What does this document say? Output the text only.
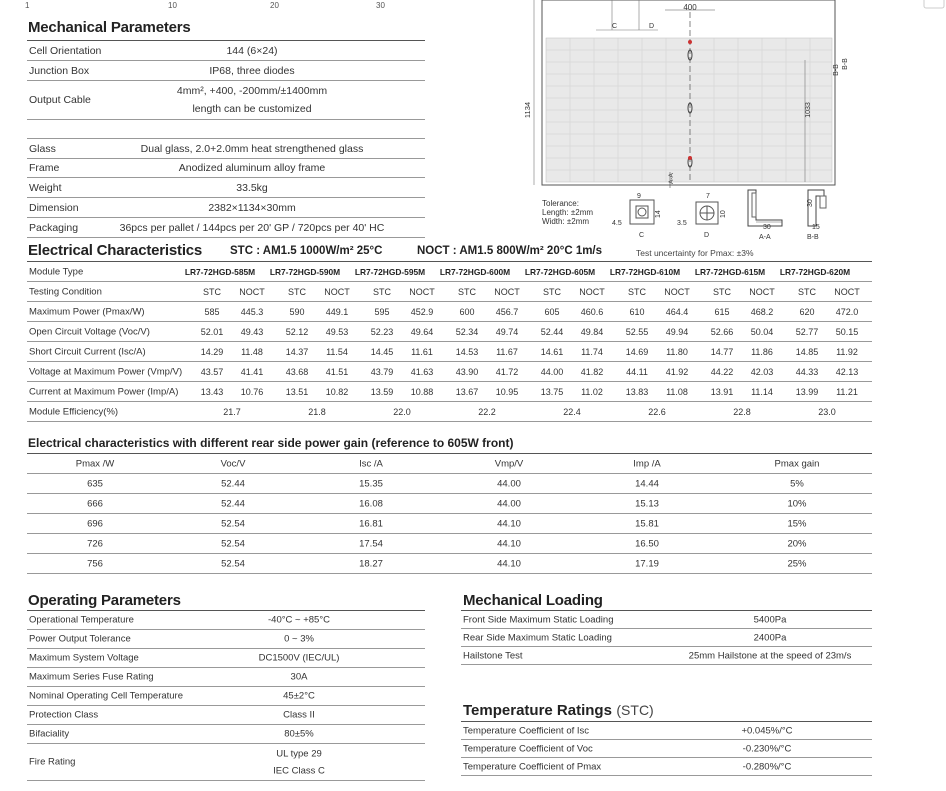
1	10	20	30
Mechanical Parameters
Cell Orientation	144 (6×24)
Junction Box	IP68, three diodes
Output Cable
4mm², +400, -200mm/±1400mm
length can be customized
Glass	Dual glass, 2.0+2.0mm heat strengthened glass
Frame	Anodized aluminum alloy frame
Weight	33.5kg
Dimension	2382×1134×30mm
Packaging	36pcs per pallet / 144pcs per 20' GP / 720pcs per 40' HC
400
C	D
1134	1033
B-B
B-B
A-A
Tolerance:
Length: ±2mm
Width: ±2mm
9
4.5
14
C
7
3.5
10
D
30
A-A
30
15
B-B
Electrical Characteristics STC : AM1.5 1000W/m² 25°C	NOCT : AM1.5 800W/m² 20°C 1m/s	Test uncertainty for Pmax: ±3%
Module Type	LR7-72HGD-585M LR7-72HGD-590M LR7-72HGD-595M LR7-72HGD-600M LR7-72HGD-605M LR7-72HGD-610M LR7-72HGD-615M LR7-72HGD-620M
Testing Condition	STC NOCT	STC NOCT	STC NOCT	STC NOCT	STC NOCT	STC NOCT	STC NOCT	STC NOCT
Maximum Power (Pmax/W)	585 445.3	590 449.1	595 452.9	600 456.7	605 460.6	610 464.4	615 468.2	620 472.0
Open Circuit Voltage (Voc/V)	52.01 49.43 52.12 49.53 52.23 49.64 52.34 49.74 52.44 49.84 52.55 49.94 52.66 50.04 52.77 50.15
Short Circuit Current (Isc/A)	14.29 11.48	14.37 11.54	14.45 11.61	14.53 11.67	14.61 11.74	14.69 11.80	14.77 11.86	14.85 11.92
Voltage at Maximum Power (Vmp/V) 43.57 41.41 43.68 41.51 43.79 41.63 43.90 41.72 44.00 41.82	44.11 41.92 44.22 42.03 44.33 42.13
Current at Maximum Power (Imp/A) 13.43 10.76 13.51 10.82 13.59 10.88 13.67 10.95 13.75 11.02	13.83 11.08	13.91 11.14	13.99 11.21
Module Efficiency(%)	21.7	21.8	22.0	22.2	22.4	22.6	22.8	23.0
Electrical characteristics with different rear side power gain (reference to 605W front)
Pmax /W	Voc/V	Isc /A	Vmp/V	Imp /A	Pmax gain
635	52.44	15.35	44.00	14.44	5%
666	52.44	16.08	44.00	15.13	10%
696	52.54	16.81	44.10	15.81	15%
726	52.54	17.54	44.10	16.50	20%
756	52.54	18.27	44.10	17.19	25%
Operating Parameters
Operational Temperature	-40°C ~ +85°C
Power Output Tolerance	0 ~ 3%
Maximum System Voltage	DC1500V (IEC/UL)
Maximum Series Fuse Rating	30A
Nominal Operating Cell Temperature	45±2°C
Protection Class	Class II
Bifaciality	80±5%
Fire Rating
UL type 29
IEC Class C
Mechanical Loading
Front Side Maximum Static Loading	5400Pa
Rear Side Maximum Static Loading	2400Pa
Hailstone Test	25mm Hailstone at the speed of 23m/s
Temperature Ratings (STC)
Temperature Coefficient of Isc	+0.045%/°C
Temperature Coefficient of Voc	-0.230%/°C
Temperature Coefficient of Pmax	-0.280%/°C
